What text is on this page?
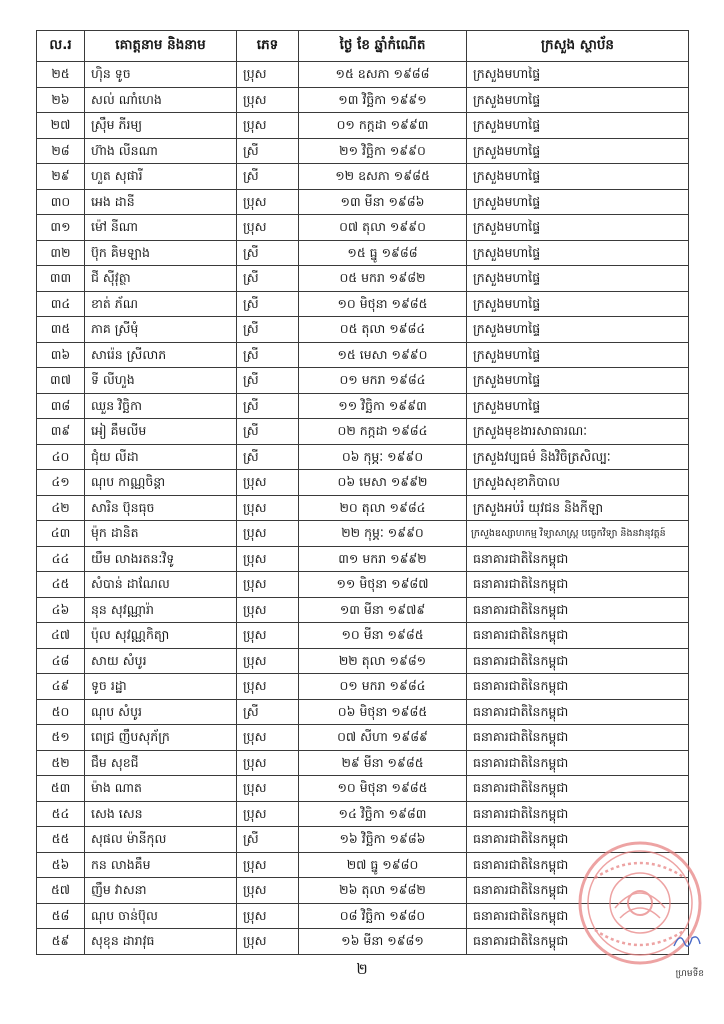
ល.រ	គោត្តនាម និងនាម	ភេទ	ថ្ងៃ ខែ ឆ្នាំកំណើត	ក្រសួង ស្ថាប័ន
២៥	ហ៊ិន ទូច	ប្រុស	១៥ ឧសភា ១៩៨៨	ក្រសួងមហាផ្ទៃ
២៦	សល់ ណាំហេង	ប្រុស	១៣ វិច្ឆិកា ១៩៩១	ក្រសួងមហាផ្ទៃ
២៧	ស្រ៊ឹម ភីរម្យ	ប្រុស	០១ កក្កដា ១៩៩៣	ក្រសួងមហាផ្ទៃ
២៨	ហ៊ាង លីនណា	ស្រី	២១ វិច្ឆិកា ១៩៩០	ក្រសួងមហាផ្ទៃ
២៩	ហួត សុផារី	ស្រី	១២ ឧសភា ១៩៨៥	ក្រសួងមហាផ្ទៃ
៣០	អេង ដានី	ប្រុស	១៣ មីនា ១៩៨៦	ក្រសួងមហាផ្ទៃ
៣១	ម៉ៅ នីណា	ប្រុស	០៧ តុលា ១៩៩០	ក្រសួងមហាផ្ទៃ
៣២	ប៊ុក គិមឡាង	ស្រី	១៥ ធ្នូ ១៩៨៨	ក្រសួងមហាផ្ទៃ
៣៣	ជី ស៊ីវុត្ថា	ស្រី	០៥ មករា ១៩៨២	ក្រសួងមហាផ្ទៃ
៣៤	ខាត់ ភ័ណ	ស្រី	១០ មិថុនា ១៩៨៥	ក្រសួងមហាផ្ទៃ
៣៥	ភាគ ស្រីមុំ	ស្រី	០៥ តុលា ១៩៨៤	ក្រសួងមហាផ្ទៃ
៣៦	សារ៉េន ស្រីលាភ	ស្រី	១៥ មេសា ១៩៩០	ក្រសួងមហាផ្ទៃ
៣៧	ទី លីហួង	ស្រី	០១ មករា ១៩៨៤	ក្រសួងមហាផ្ទៃ
៣៨	ឈួន វិច្ឆិកា	ស្រី	១១ វិច្ឆិកា ១៩៩៣	ក្រសួងមហាផ្ទៃ
៣៩	អៀ គឹមលីម	ស្រី	០២ កក្កដា ១៩៨៤	ក្រសួងមុខងារសាធារណៈ
៤០	ជុំយ លីដា	ស្រី	០៦ កុម្ភៈ ១៩៩០	ក្រសួងវប្បធម៌ និងវិចិត្រសិល្បៈ
៤១	ណុប កាណ្ណចិន្តា	ប្រុស	០៦ មេសា ១៩៩២	ក្រសួងសុខាភិបាល
៤២	សារិន ប៊ុនធុច	ប្រុស	២០ តុលា ១៩៨៤	ក្រសួងអប់រំ យុវជន និងកីឡា
៤៣	ម៉ុក ដានិត	ប្រុស	២២ កុម្ភៈ ១៩៩០	ក្រសួងឧស្សាហកម្ម វិទ្យាសាស្ត្រ បច្ចេកវិទ្យា និងនវានុវត្តន៍
៤៤	យឹម លាងរតនៈវិទូ	ប្រុស	៣១ មករា ១៩៩២	ធនាគារជាតិនៃកម្ពុជា
៤៥	សំបាន់ ដាណែល	ប្រុស	១១ មិថុនា ១៩៨៧	ធនាគារជាតិនៃកម្ពុជា
៤៦	នុន សុវណ្ណារ៉ា	ប្រុស	១៣ មីនា ១៩៧៩	ធនាគារជាតិនៃកម្ពុជា
៤៧	ប៉ុល សុវណ្ណកិត្យា	ប្រុស	១០ មីនា ១៩៨៥	ធនាគារជាតិនៃកម្ពុជា
៤៨	សាយ សំបូរ	ប្រុស	២២ តុលា ១៩៨១	ធនាគារជាតិនៃកម្ពុជា
៤៩	ទូច រដ្ឋា	ប្រុស	០១ មករា ១៩៨៤	ធនាគារជាតិនៃកម្ពុជា
៥០	ណុប សំបូរ	ស្រី	០៦ មិថុនា ១៩៨៥	ធនាគារជាតិនៃកម្ពុជា
៥១	ពេជ្រ ញឹបសុភ័ក្រ	ប្រុស	០៧ សីហា ១៩៨៩	ធនាគារជាតិនៃកម្ពុជា
៥២	ជឹម សុខជី	ប្រុស	២៩ មីនា ១៩៨៥	ធនាគារជាតិនៃកម្ពុជា
៥៣	ម៉ាង ណាត	ប្រុស	១០ មិថុនា ១៩៨៥	ធនាគារជាតិនៃកម្ពុជា
៥៤	សេង សេន	ប្រុស	១៤ វិច្ឆិកា ១៩៨៣	ធនាគារជាតិនៃកម្ពុជា
៥៥	សុផល ម៉ានីកុល	ស្រី	១៦ វិច្ឆិកា ១៩៨៦	ធនាគារជាតិនៃកម្ពុជា
៥៦	កន លាងគឹម	ប្រុស	២៧ ធ្នូ ១៩៨០	ធនាគារជាតិនៃកម្ពុជា
៥៧	ញឹម វាសនា	ប្រុស	២៦ តុលា ១៩៨២	ធនាគារជាតិនៃកម្ពុជា
៥៨	ណុប ចាន់ប៊ុល	ប្រុស	០៨ វិច្ឆិកា ១៩៨០	ធនាគារជាតិនៃកម្ពុជា
៥៩	សុខុន ដារាវុធ	ប្រុស	១៦ មីនា ១៩៨១	ធនាគារជាតិនៃកម្ពុជា
២	ហ្រមទីខ
